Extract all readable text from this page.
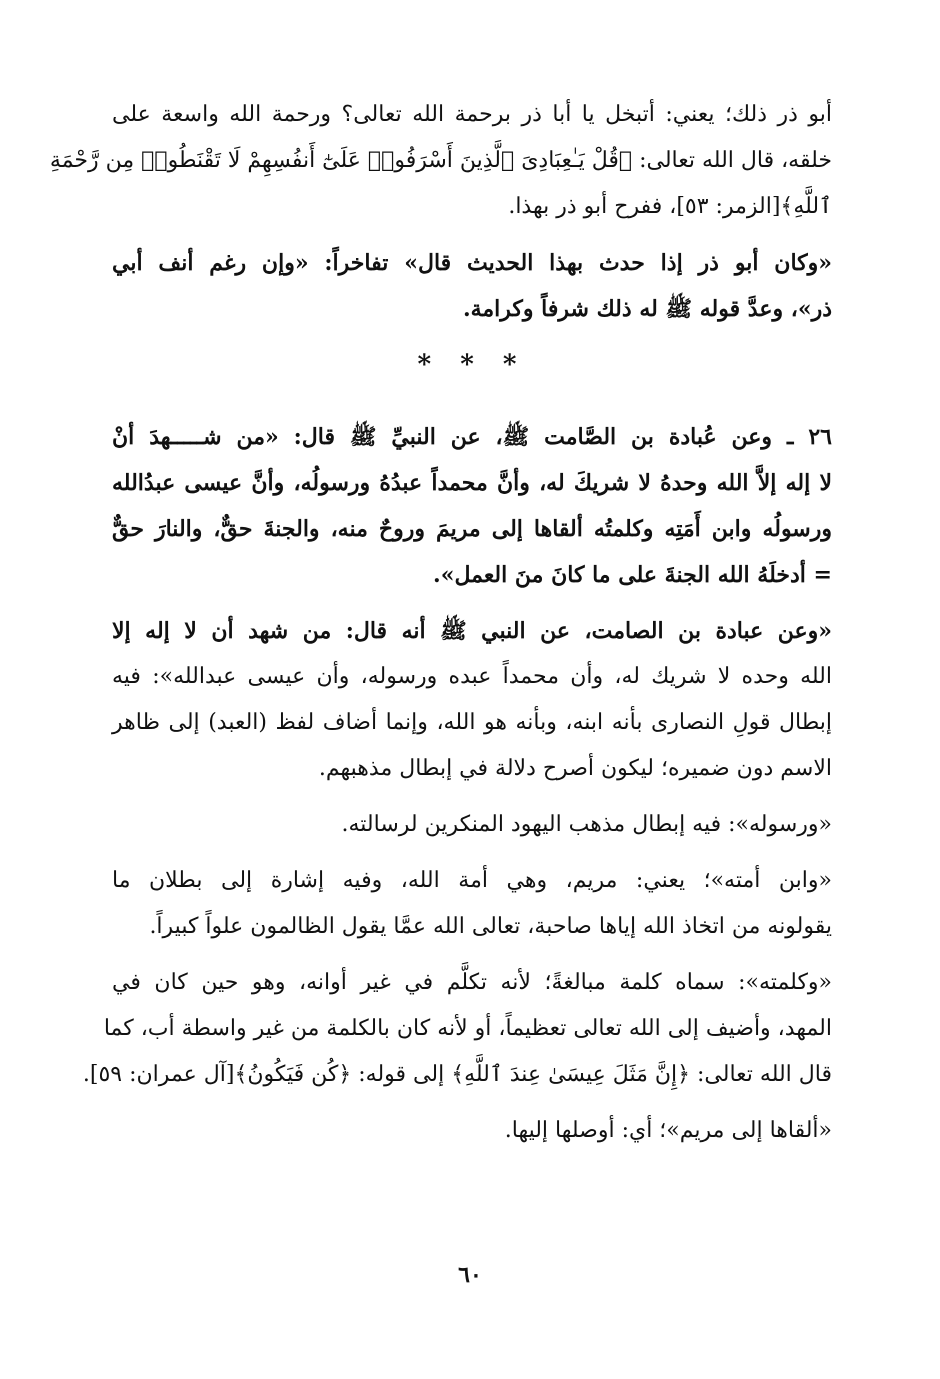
أبو ذر ذلك؛ يعني: أتبخل يا أبا ذر برحمة الله تعالى؟ ورحمة الله واسعة على
خلقه، قال الله تعالى: ﴿قُلْ يَـٰعِبَادِىَ ٱلَّذِينَ أَسْرَفُوا۟ عَلَىٰٓ أَنفُسِهِمْ لَا تَقْنَطُوا۟ مِن رَّحْمَةِ
ٱللَّهِ﴾[الزمر: ٥٣]، ففرح أبو ذر بهذا.
«وكان أبو ذر إذا حدث بهذا الحديث قال» تفاخراً: «وإن رغم أنف أبي
ذر»، وعدَّ قوله ﷺ له ذلك شرفاً وكرامة.
* * *
٢٦ ـ وعن عُبادة بن الصَّامت ﷺ، عن النبيِّ ﷺ قال: «من شـــــهدَ أنْ
لا إله إلاَّ الله وحدهُ لا شريكَ له، وأنَّ محمداً عبدُهُ ورسولُه، وأنَّ عيسى عبدُالله
ورسولُه وابن أَمَتِه وكلمتُه ألقاها إلى مريمَ وروحٌ منه، والجنةَ حقٌّ، والنارَ حقٌّ
= أدخلَهُ الله الجنةَ على ما كانَ منَ العمل».
«وعن عبادة بن الصامت، عن النبي ﷺ أنه قال: من شهد أن لا إله إلا
الله وحده لا شريك له، وأن محمداً عبده ورسوله، وأن عيسى عبدالله»: فيه
إبطال قولِ النصارى بأنه ابنه، وبأنه هو الله، وإنما أضاف لفظ (العبد) إلى ظاهر
الاسم دون ضميره؛ ليكون أصرح دلالة في إبطال مذهبهم.
«ورسوله»: فيه إبطال مذهب اليهود المنكرين لرسالته.
«وابن أمته»؛ يعني: مريم، وهي أمة الله، وفيه إشارة إلى بطلان ما
يقولونه من اتخاذ الله إياها صاحبة، تعالى الله عمَّا يقول الظالمون علواً كبيراً.
«وكلمته»: سماه كلمة مبالغةً؛ لأنه تكلَّم في غير أوانه، وهو حين كان في
المهد، وأضيف إلى الله تعالى تعظيماً، أو لأنه كان بالكلمة من غير واسطة أب، كما
قال الله تعالى: ﴿إِنَّ مَثَلَ عِيسَىٰ عِندَ ٱللَّهِ﴾ إلى قوله: ﴿كُن فَيَكُونُ﴾[آل عمران: ٥٩].
«ألقاها إلى مريم»؛ أي: أوصلها إليها.
٦٠
